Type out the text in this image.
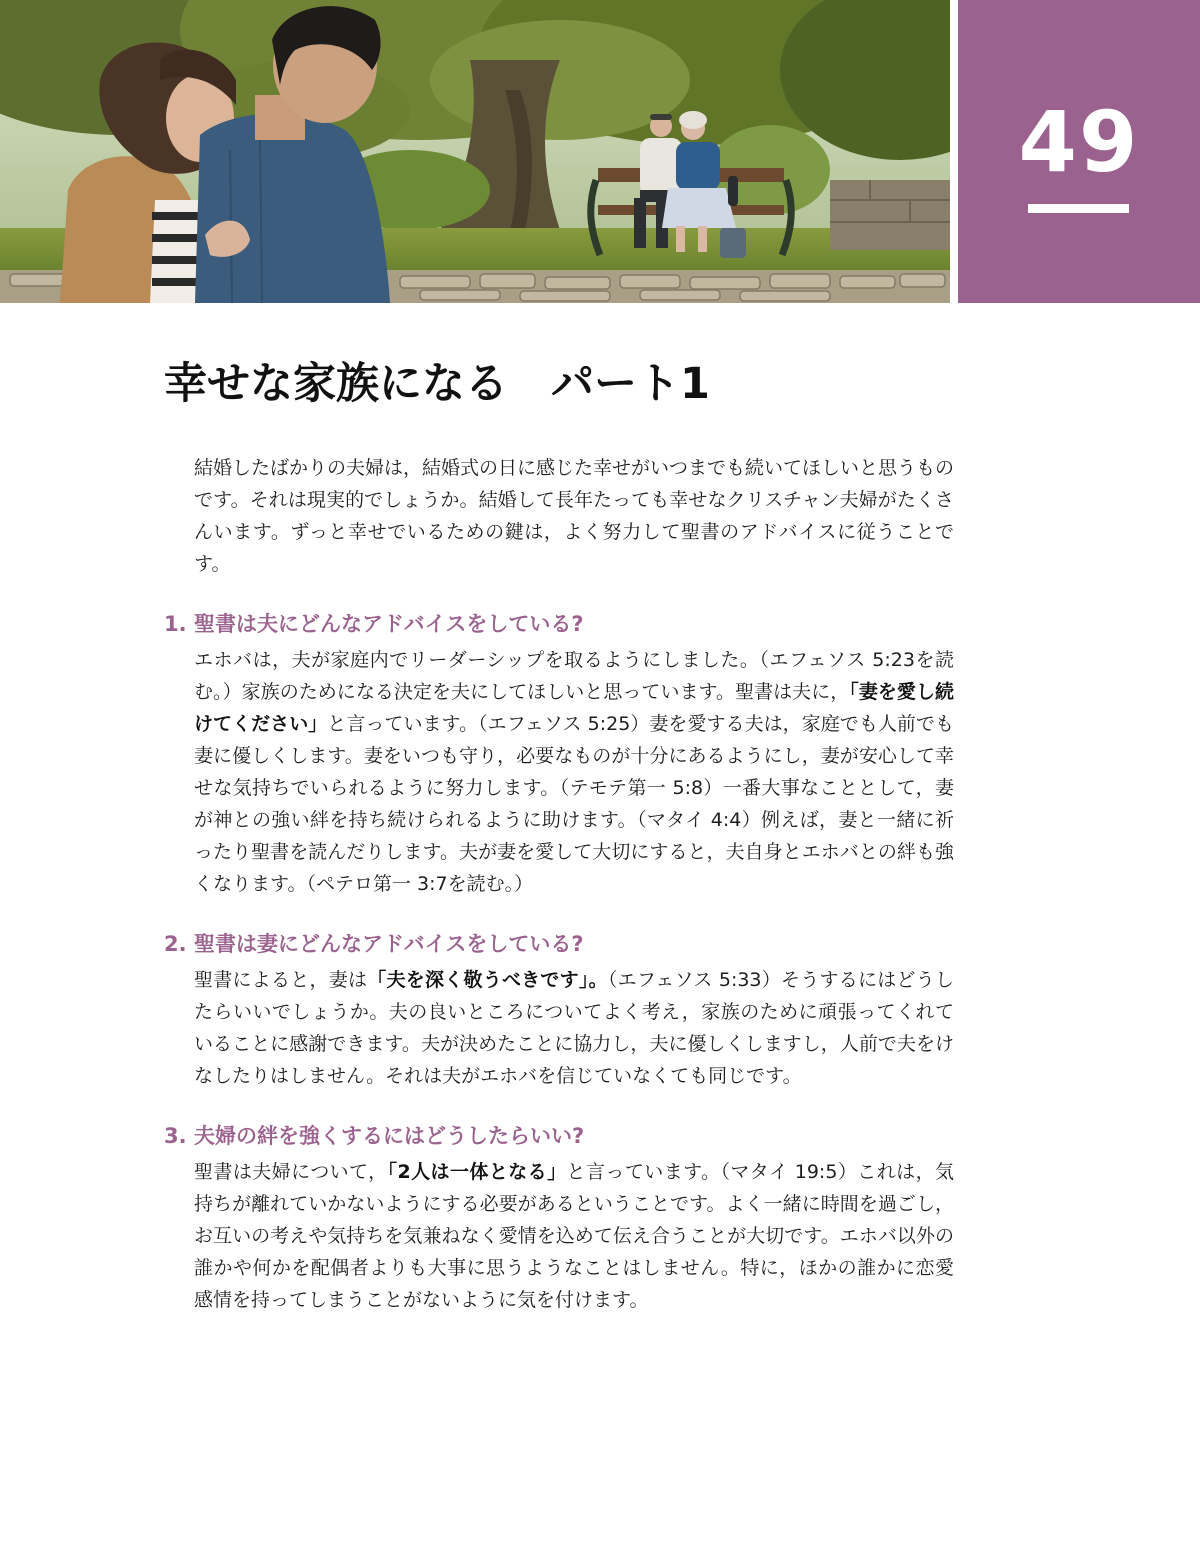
49
幸せな家族になる　パート1

結婚したばかりの夫婦は，結婚式の日に感じた幸せがいつまでも続いてほしいと思うものです。それは現実的でしょうか。結婚して長年たっても幸せなクリスチャン夫婦がたくさんいます。ずっと幸せでいるための鍵は，よく努力して聖書のアドバイスに従うことです。

1. 聖書は夫にどんなアドバイスをしている?

エホバは，夫が家庭内でリーダーシップを取るようにしました。（エフェソス 5:23を読む。）家族のためになる決定を夫にしてほしいと思っています。聖書は夫に，「妻を愛し続けてください」と言っています。（エフェソス 5:25）妻を愛する夫は，家庭でも人前でも妻に優しくします。妻をいつも守り，必要なものが十分にあるようにし，妻が安心して幸せな気持ちでいられるように努力します。（テモテ第一 5:8）一番大事なこととして，妻が神との強い絆を持ち続けられるように助けます。（マタイ 4:4）例えば，妻と一緒に祈ったり聖書を読んだりします。夫が妻を愛して大切にすると，夫自身とエホバとの絆も強くなります。（ペテロ第一 3:7を読む。）

2. 聖書は妻にどんなアドバイスをしている?

聖書によると，妻は「夫を深く敬うべきです」。（エフェソス 5:33）そうするにはどうしたらいいでしょうか。夫の良いところについてよく考え，家族のために頑張ってくれていることに感謝できます。夫が決めたことに協力し，夫に優しくしますし，人前で夫をけなしたりはしません。それは夫がエホバを信じていなくても同じです。

3. 夫婦の絆を強くするにはどうしたらいい?

聖書は夫婦について，「2人は一体となる」と言っています。（マタイ 19:5）これは，気持ちが離れていかないようにする必要があるということです。よく一緒に時間を過ごし，お互いの考えや気持ちを気兼ねなく愛情を込めて伝え合うことが大切です。エホバ以外の誰かや何かを配偶者よりも大事に思うようなことはしません。特に，ほかの誰かに恋愛感情を持ってしまうことがないように気を付けます。
